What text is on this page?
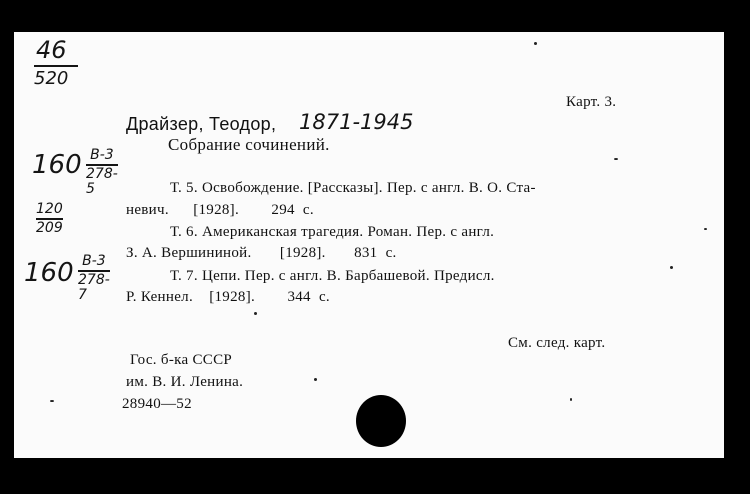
46
520
Карт. 3.
Драйзер, Теодор, 1871-1945
Собрание сочинений.
160 В-3
278-5
120
209
160 В-3
278-7
Т. 5. Освобождение. [Рассказы]. Пер. с англ. В. О. Ста-
невич.      [1928].        294  с.
Т. 6. Американская трагедия. Роман. Пер. с англ.
З. А. Вершининой.       [1928].       831  с.
Т. 7. Цепи. Пер. с англ. В. Барбашевой. Предисл.
Р. Кеннел.    [1928].        344  с.
См. след. карт.
Гос. б-ка СССР
им. В. И. Ленина.
28940—52
